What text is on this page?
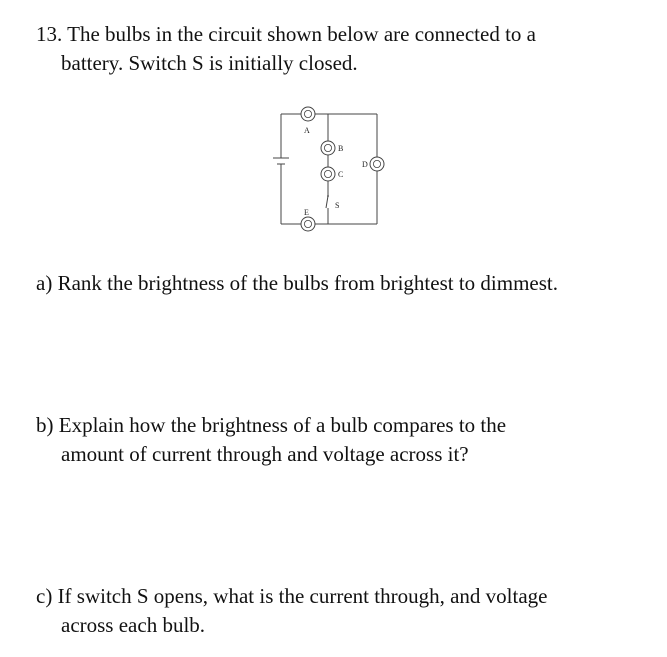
13. The bulbs in the circuit shown below are connected to a

battery. Switch S is initially closed.

A
B
C
D
E
S

a) Rank the brightness of the bulbs from brightest to dimmest.

b) Explain how the brightness of a bulb compares to the

amount of current through and voltage across it?

c) If switch S opens, what is the current through, and voltage

across each bulb.
